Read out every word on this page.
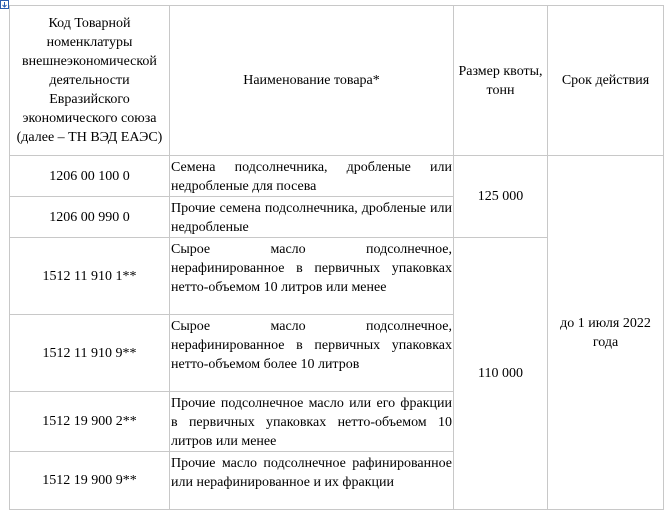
Код Товарной номенклатуры внешнеэкономической деятельности Евразийского экономического союза (далее – ТН ВЭД ЕАЭС)	Наименование товара*	Размер квоты, тонн	Срок действия
1206 00 100 0	Семена подсолнечника, дробленые или недробленые для посева	125 000	до 1 июля 2022 года
1206 00 990 0	Прочие семена подсолнечника, дробленые или недробленые		
1512 11 910 1**	Сырое масло подсолнечное, нерафинированное в первичных упаковках нетто-объемом 10 литров или менее	110 000	
1512 11 910 9**	Сырое масло подсолнечное, нерафинированное в первичных упаковках нетто-объемом более 10 литров		
1512 19 900 2**	Прочие подсолнечное масло или его фракции в первичных упаковках нетто-объемом 10 литров или менее		
1512 19 900 9**	Прочие масло подсолнечное рафинированное или нерафинированное и их фракции		
